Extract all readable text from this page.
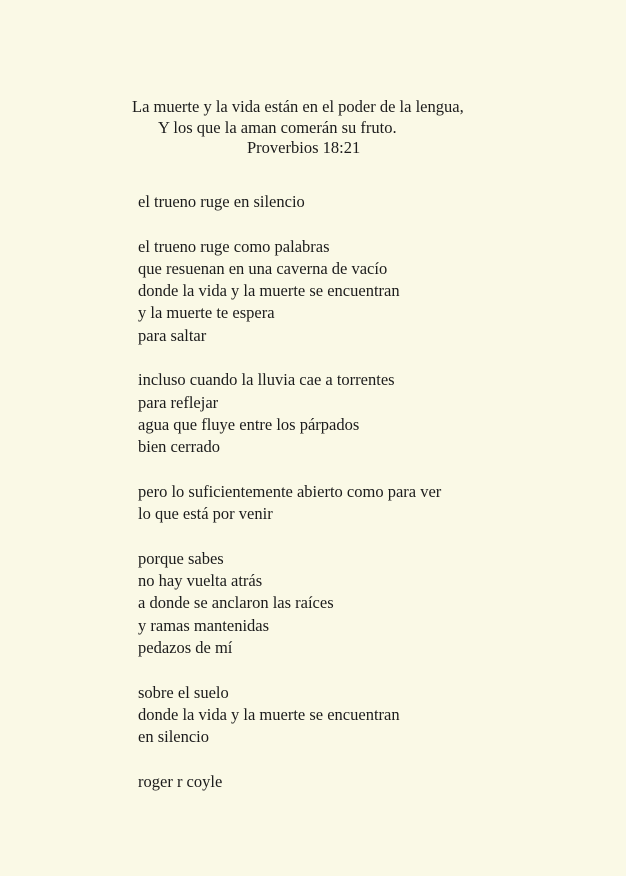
La muerte y la vida están en el poder de la lengua,
Y los que la aman comerán su fruto.
Proverbios 18:21
el trueno ruge en silencio
el trueno ruge como palabras
que resuenan en una caverna de vacío
donde la vida y la muerte se encuentran
y la muerte te espera
para saltar
incluso cuando la lluvia cae a torrentes
para reflejar
agua que fluye entre los párpados
bien cerrado
pero lo suficientemente abierto como para ver
lo que está por venir
porque sabes
no hay vuelta atrás
a donde se anclaron las raíces
y ramas mantenidas
pedazos de mí
sobre el suelo
donde la vida y la muerte se encuentran
en silencio
roger r coyle
